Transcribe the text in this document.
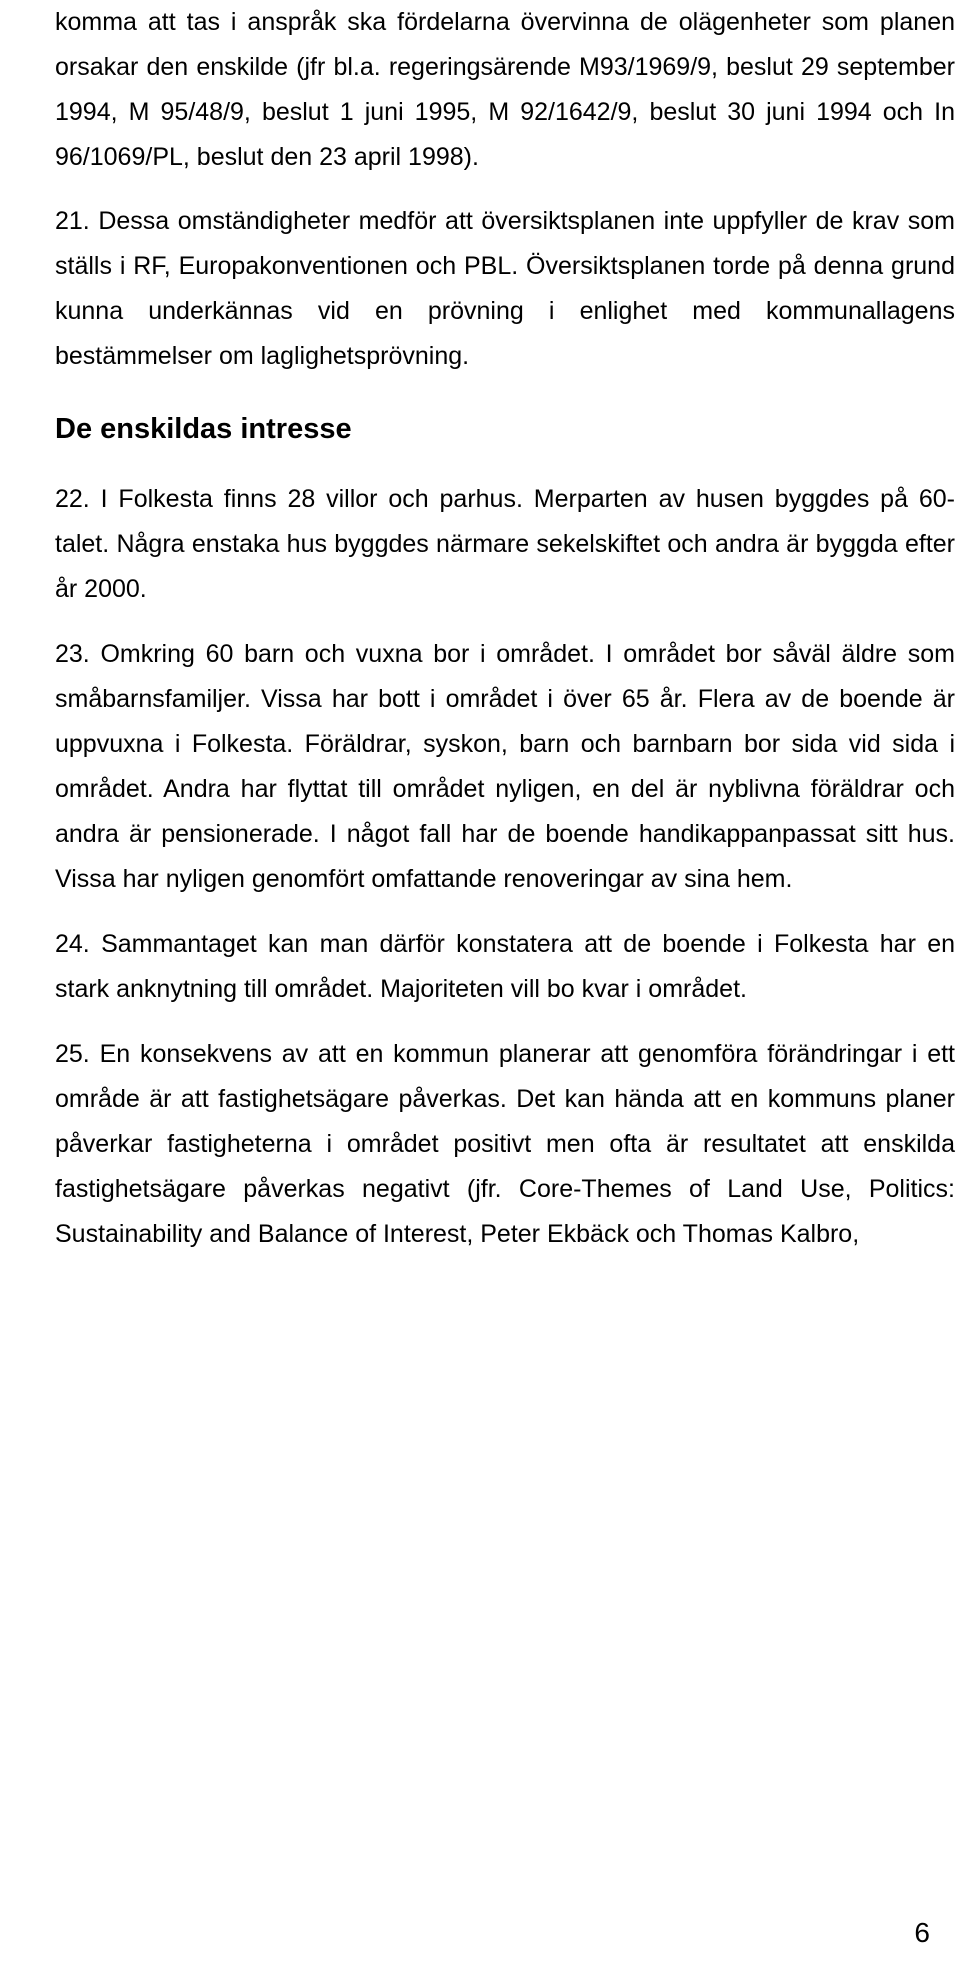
komma att tas i anspråk ska fördelarna övervinna de olägenheter som planen orsakar den enskilde (jfr bl.a. regeringsärende M93/1969/9, beslut 29 september 1994, M 95/48/9, beslut 1 juni 1995, M 92/1642/9, beslut 30 juni 1994 och In 96/1069/PL, beslut den 23 april 1998).

21. Dessa omständigheter medför att översiktsplanen inte uppfyller de krav som ställs i RF, Europakonventionen och PBL. Översiktsplanen torde på denna grund kunna underkännas vid en prövning i enlighet med kommunallagens bestämmelser om laglighetsprövning.

De enskildas intresse

22. I Folkesta finns 28 villor och parhus. Merparten av husen byggdes på 60-talet. Några enstaka hus byggdes närmare sekelskiftet och andra är byggda efter år 2000.

23. Omkring 60 barn och vuxna bor i området. I området bor såväl äldre som småbarnsfamiljer. Vissa har bott i området i över 65 år. Flera av de boende är uppvuxna i Folkesta. Föräldrar, syskon, barn och barnbarn bor sida vid sida i området. Andra har flyttat till området nyligen, en del är nyblivna föräldrar och andra är pensionerade. I något fall har de boende handikappanpassat sitt hus. Vissa har nyligen genomfört omfattande renoveringar av sina hem.

24. Sammantaget kan man därför konstatera att de boende i Folkesta har en stark anknytning till området. Majoriteten vill bo kvar i området.

25. En konsekvens av att en kommun planerar att genomföra förändringar i ett område är att fastighetsägare påverkas. Det kan hända att en kommuns planer påverkar fastigheterna i området positivt men ofta är resultatet att enskilda fastighetsägare påverkas negativt (jfr. Core-Themes of Land Use, Politics: Sustainability and Balance of Interest, Peter Ekbäck och Thomas Kalbro,

6
